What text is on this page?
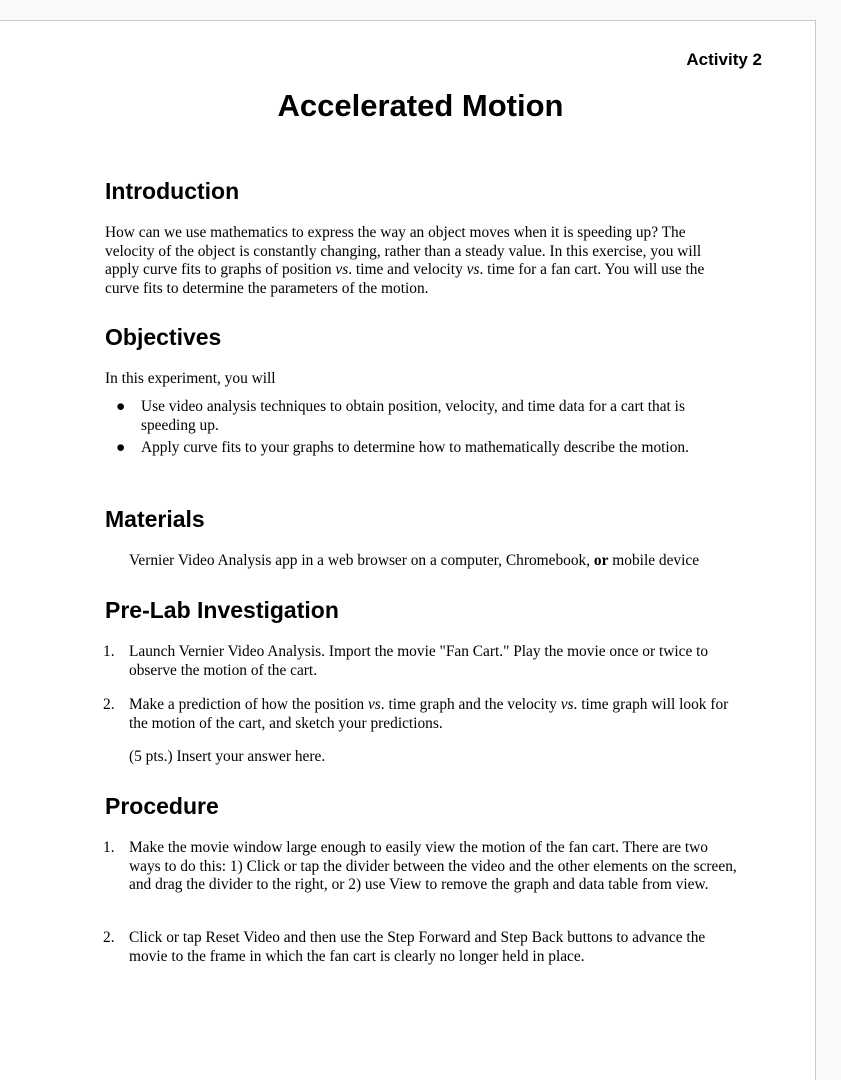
Activity 2
Accelerated Motion
Introduction
How can we use mathematics to express the way an object moves when it is speeding up? The velocity of the object is constantly changing, rather than a steady value. In this exercise, you will apply curve fits to graphs of position vs. time and velocity vs. time for a fan cart. You will use the curve fits to determine the parameters of the motion.
Objectives
In this experiment, you will
● Use video analysis techniques to obtain position, velocity, and time data for a cart that is speeding up.
● Apply curve fits to your graphs to determine how to mathematically describe the motion.
Materials
Vernier Video Analysis app in a web browser on a computer, Chromebook, or mobile device
Pre-Lab Investigation
1. Launch Vernier Video Analysis. Import the movie "Fan Cart." Play the movie once or twice to observe the motion of the cart.
2. Make a prediction of how the position vs. time graph and the velocity vs. time graph will look for the motion of the cart, and sketch your predictions.
(5 pts.) Insert your answer here.
Procedure
1. Make the movie window large enough to easily view the motion of the fan cart. There are two ways to do this: 1) Click or tap the divider between the video and the other elements on the screen, and drag the divider to the right, or 2) use View to remove the graph and data table from view.
2. Click or tap Reset Video and then use the Step Forward and Step Back buttons to advance the movie to the frame in which the fan cart is clearly no longer held in place.
